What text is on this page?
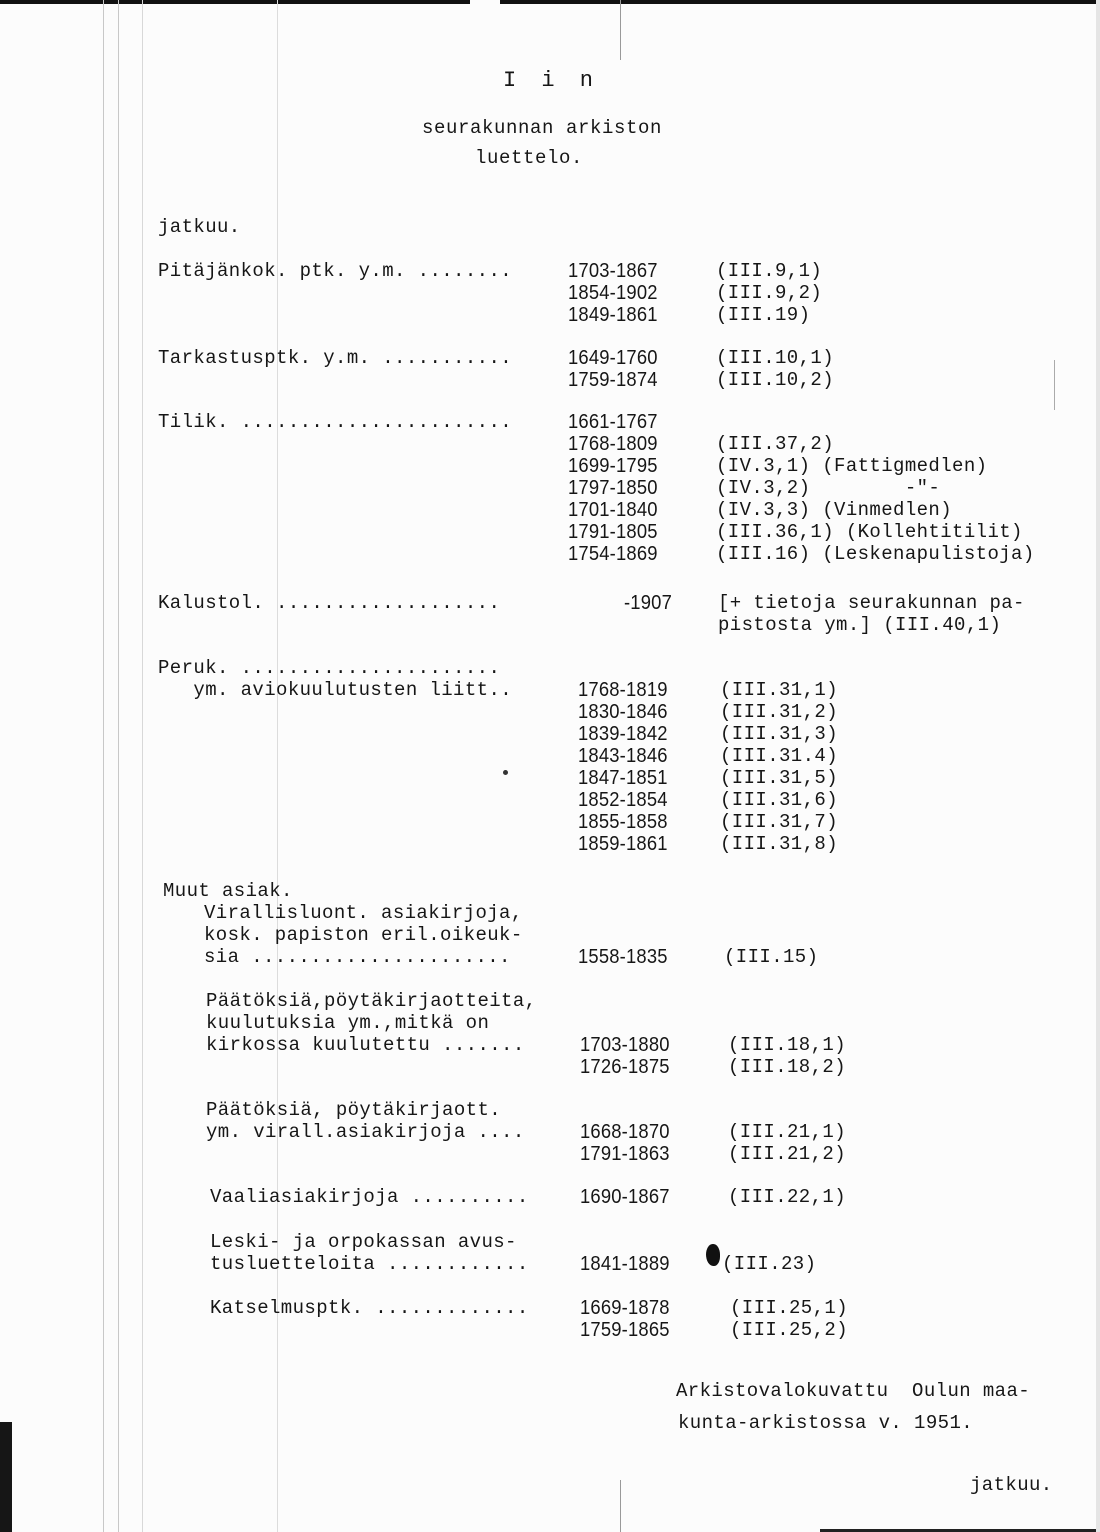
I i n
seurakunnan arkiston
luettelo.
jatkuu.
Pitäjänkok. ptk. y.m. ........	1703-1867	(III.9,1)
1854-1902	(III.9,2)
1849-1861	(III.19)
Tarkastusptk. y.m. ...........	1649-1760	(III.10,1)
1759-1874	(III.10,2)
Tilik. .......................	1661-1767
1768-1809	(III.37,2)
1699-1795	(IV.3,1) (Fattigmedlen)
1797-1850	(IV.3,2)        -"-
1701-1840	(IV.3,3) (Vinmedlen)
1791-1805	(III.36,1) (Kollehtitilit)
1754-1869	(III.16) (Leskenapulistoja)
Kalustol. ...................	-1907 [+ tietoja seurakunnan pa-
pistosta ym.] (III.40,1)
Peruk. ......................
ym. aviokuulutusten liitt..	1768-1819	(III.31,1)
1830-1846	(III.31,2)
1839-1842	(III.31,3)
1843-1846	(III.31.4)
1847-1851	(III.31,5)
1852-1854	(III.31,6)
1855-1858	(III.31,7)
1859-1861	(III.31,8)
Muut asiak.
Virallisluont. asiakirjoja,
kosk. papiston eril.oikeuk-
sia ......................	1558-1835	(III.15)
Päätöksiä,pöytäkirjaotteita,
kuulutuksia ym.,mitkä on
kirkossa kuulutettu .......	1703-1880	(III.18,1)
1726-1875	(III.18,2)
Päätöksiä, pöytäkirjaott.
ym. virall.asiakirjoja ....	1668-1870	(III.21,1)
1791-1863	(III.21,2)
Vaaliasiakirjoja ..........	1690-1867	(III.22,1)
Leski- ja orpokassan avus-
tusluetteloita ............	1841-1889	(III.23)
Katselmusptk. .............	1669-1878	(III.25,1)
1759-1865	(III.25,2)
Arkistovalokuvattu  Oulun maa-
kunta-arkistossa v. 1951.
jatkuu.
